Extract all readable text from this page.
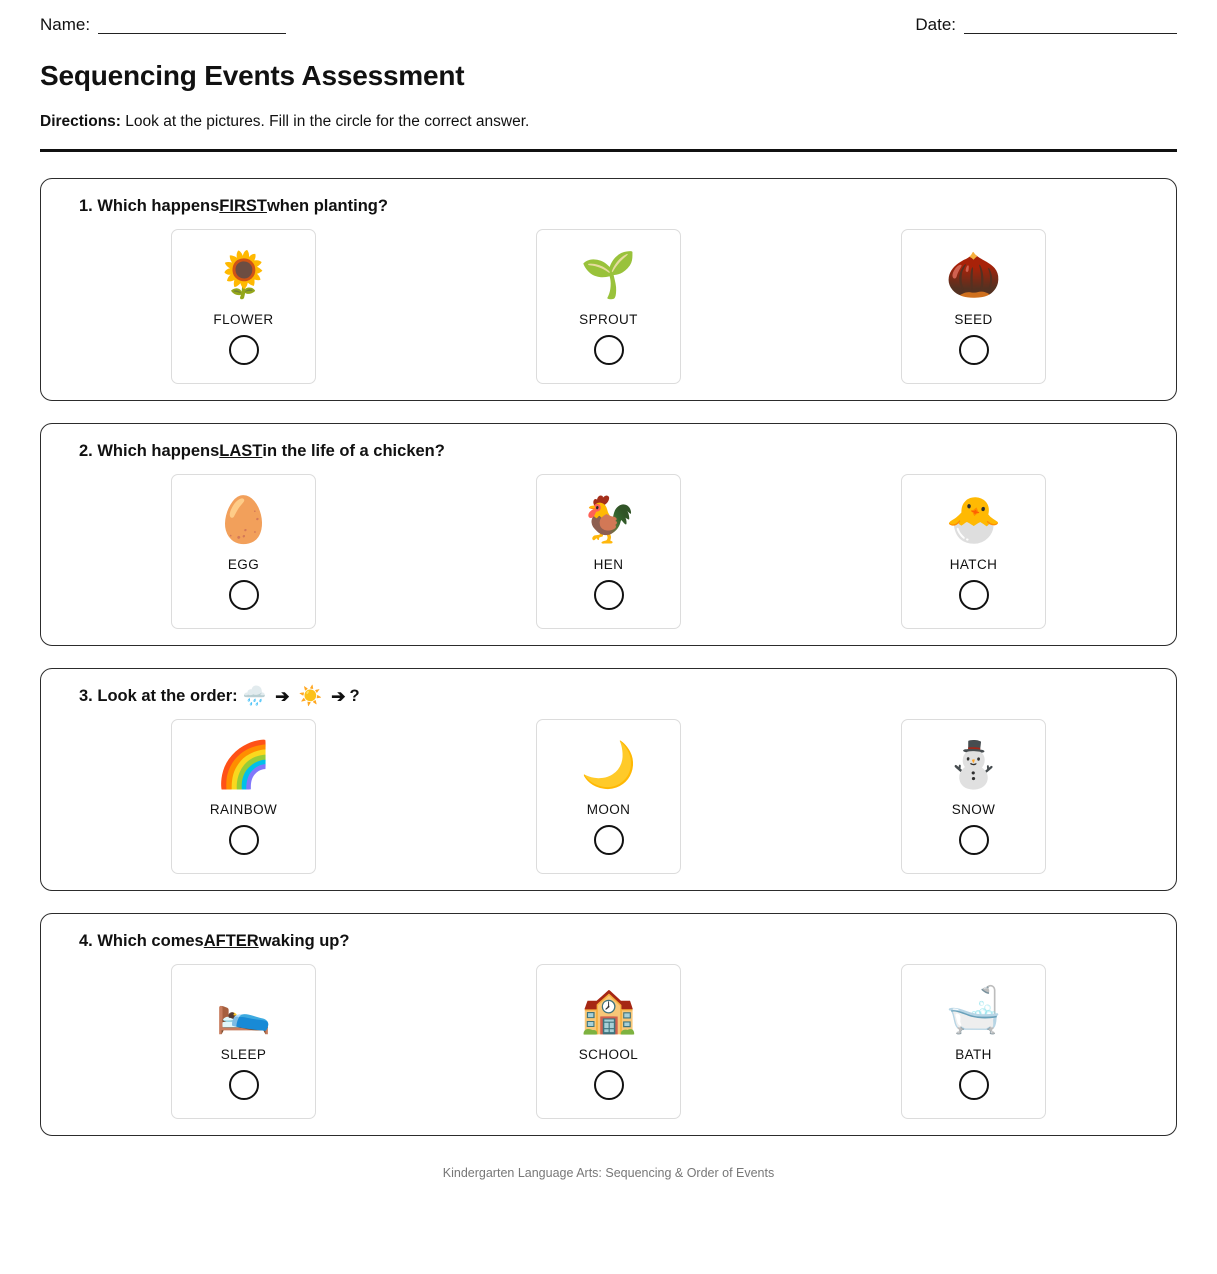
Name:	Date:
Sequencing Events Assessment

Directions: Look at the pictures. Fill in the circle for the correct answer.

1.
Which happens FIRST when planting?
🌻
FLOWER
🌱
SPROUT
🌰
SEED
2.
Which happens LAST in the life of a chicken?
🥚
EGG
🐓
HEN
🐣
HATCH
3.
Look at the order: 🌧️ ➔ ☀️ ➔ ?
🌈
RAINBOW
🌙
MOON
⛄
SNOW
4.
Which comes AFTER waking up?
🛌
SLEEP
🏫
SCHOOL
🛁
BATH
Kindergarten Language Arts: Sequencing & Order of Events
